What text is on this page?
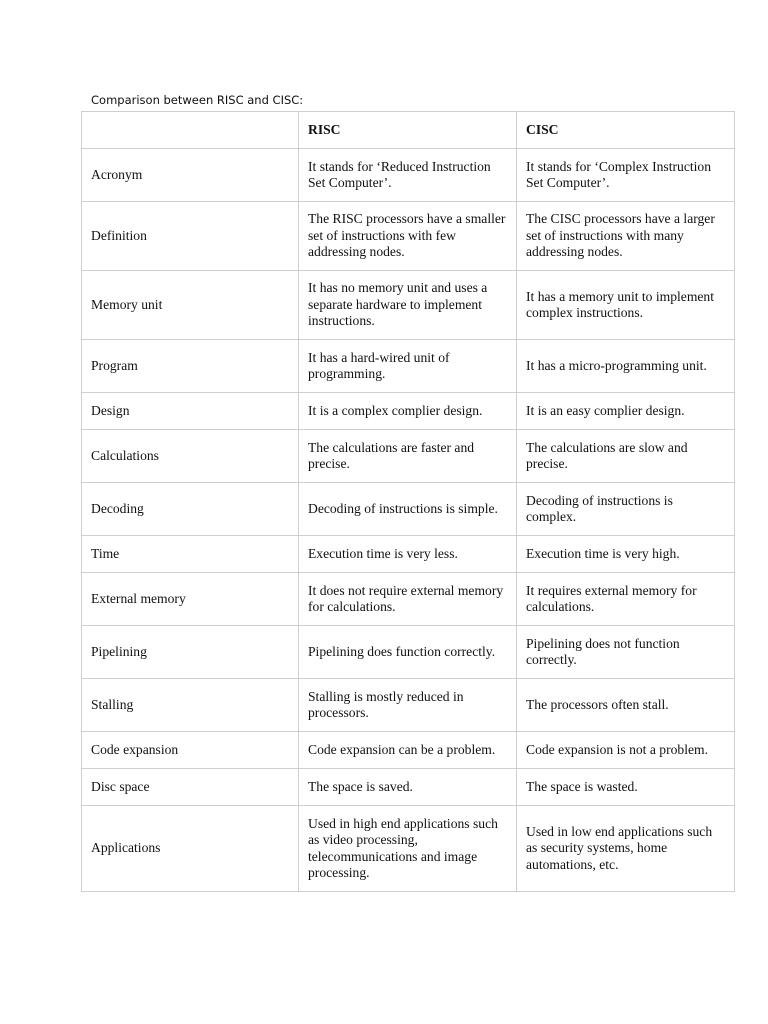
Comparison between RISC and CISC:
	RISC	CISC
Acronym	It stands for ‘Reduced Instruction Set Computer’.	It stands for ‘Complex Instruction Set Computer’.
Definition	The RISC processors have a smaller set of instructions with few addressing nodes.	The CISC processors have a larger set of instructions with many addressing nodes.
Memory unit	It has no memory unit and uses a separate hardware to implement instructions.	It has a memory unit to implement complex instructions.
Program	It has a hard-wired unit of programming.	It has a micro-programming unit.
Design	It is a complex complier design.	It is an easy complier design.
Calculations	The calculations are faster and precise.	The calculations are slow and precise.
Decoding	Decoding of instructions is simple.	Decoding of instructions is complex.
Time	Execution time is very less.	Execution time is very high.
External memory	It does not require external memory for calculations.	It requires external memory for calculations.
Pipelining	Pipelining does function correctly.	Pipelining does not function correctly.
Stalling	Stalling is mostly reduced in processors.	The processors often stall.
Code expansion	Code expansion can be a problem.	Code expansion is not a problem.
Disc space	The space is saved.	The space is wasted.
Applications	Used in high end applications such as video processing, telecommunications and image processing.	Used in low end applications such as security systems, home automations, etc.
